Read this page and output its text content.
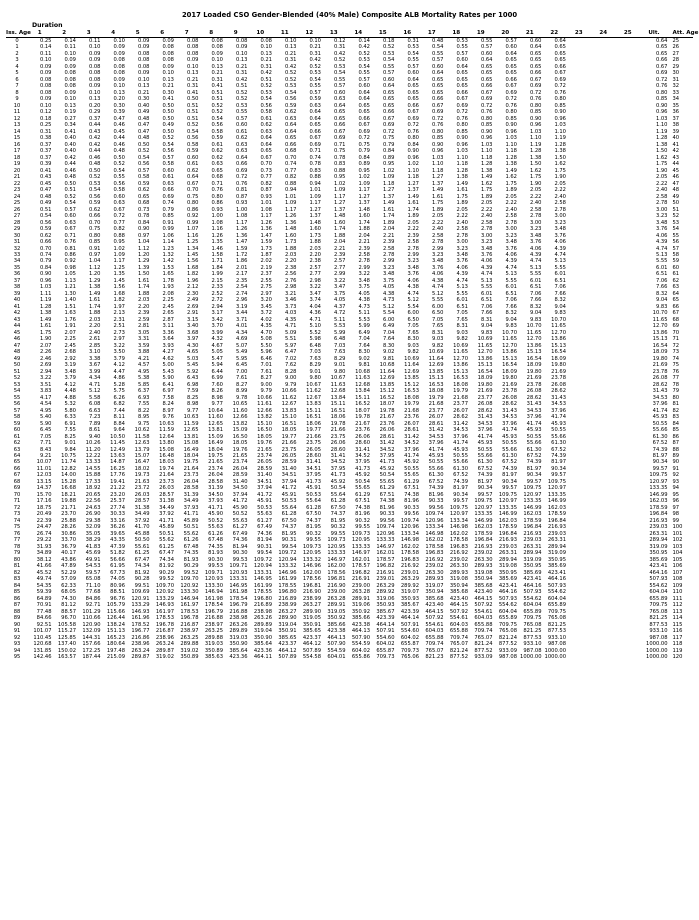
2017 Loaded CSO Gender-Blended (40% Male) Composite ALB Mortality Rates per 1000
Duration
Iss. Age	1	2	3	4	5	6	7	8	9	10	11	12	13	14	15	16	17	18	19	20	21	22	23	24	25	Ult.	Att. Age
0	0.25	0.14	0.11	0.10	0.09	0.09	0.08	0.08	0.08	0.08	0.10	0.10	0.12	0.14	0.18	0.31	0.48	0.53	0.55	0.57	0.60	0.64	0.64 25
1	0.14	0.11	0.10	0.09	0.09	0.08	0.08	0.08	0.09	0.10	0.13	0.21	0.31	0.42	0.52	0.53	0.54	0.55	0.57	0.60	0.64	0.65	0.65 26
2	0.11	0.10	0.09	0.09	0.08	0.08	0.08	0.09	0.10	0.13	0.21	0.31	0.42	0.52	0.53	0.54	0.55	0.57	0.60	0.64	0.65	0.65	0.65 27
3	0.10	0.09	0.09	0.08	0.08	0.08	0.09	0.10	0.13	0.21	0.31	0.42	0.52	0.53	0.54	0.55	0.57	0.60	0.64	0.65	0.65	0.65	0.66 28
4	0.09	0.09	0.08	0.08	0.08	0.09	0.10	0.13	0.21	0.31	0.42	0.52	0.53	0.54	0.55	0.57	0.60	0.64	0.65	0.65	0.65	0.66	0.67 29
5	0.09	0.08	0.08	0.08	0.09	0.10	0.13	0.21	0.31	0.42	0.52	0.53	0.54	0.55	0.57	0.60	0.64	0.65	0.65	0.65	0.66	0.67	0.69 30
6	0.08	0.08	0.08	0.09	0.10	0.13	0.21	0.31	0.42	0.51	0.52	0.54	0.55	0.57	0.60	0.64	0.65	0.65	0.65	0.66	0.67	0.69	0.72 31
7	0.08	0.08	0.09	0.10	0.13	0.21	0.31	0.41	0.51	0.52	0.53	0.55	0.57	0.60	0.64	0.65	0.65	0.65	0.66	0.67	0.69	0.72	0.76 32
8	0.08	0.09	0.10	0.13	0.21	0.30	0.41	0.51	0.52	0.53	0.54	0.57	0.60	0.64	0.65	0.65	0.65	0.66	0.67	0.69	0.72	0.76	0.80 33
9	0.09	0.10	0.13	0.20	0.30	0.41	0.50	0.51	0.52	0.54	0.56	0.59	0.63	0.64	0.65	0.65	0.66	0.67	0.69	0.72	0.76	0.80	0.85 34
10	0.10	0.13	0.20	0.30	0.40	0.50	0.51	0.52	0.53	0.56	0.59	0.63	0.64	0.65	0.65	0.66	0.67	0.69	0.72	0.76	0.80	0.85	0.90 35
11	0.12	0.19	0.29	0.39	0.49	0.50	0.51	0.52	0.55	0.58	0.62	0.64	0.65	0.65	0.66	0.67	0.69	0.72	0.76	0.80	0.85	0.90	0.96 36
12	0.18	0.27	0.37	0.47	0.48	0.50	0.51	0.54	0.57	0.61	0.63	0.64	0.65	0.66	0.67	0.69	0.72	0.76	0.80	0.85	0.90	0.96	1.03 37
13	0.25	0.34	0.44	0.46	0.47	0.49	0.52	0.56	0.60	0.62	0.64	0.65	0.66	0.67	0.69	0.72	0.76	0.80	0.85	0.90	0.96	1.03	1.10 38
14	0.31	0.41	0.43	0.45	0.47	0.50	0.54	0.58	0.61	0.63	0.64	0.66	0.67	0.69	0.72	0.76	0.80	0.85	0.90	0.96	1.03	1.10	1.19 39
15	0.38	0.40	0.42	0.44	0.48	0.52	0.56	0.59	0.62	0.64	0.65	0.67	0.69	0.72	0.75	0.80	0.85	0.90	0.96	1.03	1.10	1.19	1.28 40
16	0.37	0.40	0.42	0.46	0.50	0.54	0.58	0.61	0.63	0.64	0.66	0.69	0.71	0.75	0.79	0.84	0.90	0.96	1.03	1.10	1.19	1.28	1.38 41
17	0.37	0.40	0.44	0.48	0.52	0.56	0.59	0.62	0.63	0.65	0.68	0.71	0.75	0.79	0.84	0.90	0.96	1.03	1.10	1.18	1.28	1.38	1.50 42
18	0.37	0.42	0.46	0.50	0.54	0.57	0.60	0.62	0.64	0.67	0.70	0.74	0.78	0.84	0.89	0.96	1.03	1.10	1.18	1.28	1.38	1.50	1.62 43
19	0.39	0.44	0.48	0.52	0.56	0.58	0.61	0.63	0.66	0.70	0.74	0.78	0.83	0.89	0.95	1.02	1.10	1.18	1.28	1.38	1.50	1.62	1.75 44
20	0.41	0.46	0.50	0.54	0.57	0.60	0.62	0.65	0.69	0.73	0.77	0.83	0.88	0.95	1.02	1.10	1.18	1.28	1.38	1.49	1.62	1.75	1.90 45
21	0.43	0.48	0.52	0.55	0.58	0.61	0.64	0.68	0.72	0.77	0.82	0.88	0.95	1.02	1.09	1.18	1.27	1.38	1.49	1.62	1.75	1.90	2.05 46
22	0.45	0.50	0.53	0.56	0.59	0.63	0.67	0.71	0.76	0.82	0.88	0.94	1.02	1.09	1.18	1.27	1.37	1.49	1.62	1.75	1.90	2.05	2.22 47
23	0.47	0.51	0.54	0.58	0.62	0.66	0.70	0.76	0.81	0.87	0.94	1.01	1.09	1.17	1.27	1.37	1.49	1.61	1.75	1.89	2.05	2.22	2.40 48
24	0.48	0.52	0.56	0.60	0.65	0.69	0.75	0.80	0.87	0.93	1.01	1.09	1.17	1.27	1.37	1.49	1.61	1.75	1.89	2.05	2.22	2.40	2.58 49
25	0.49	0.54	0.59	0.63	0.68	0.74	0.80	0.86	0.93	1.01	1.09	1.17	1.27	1.37	1.49	1.61	1.75	1.89	2.05	2.22	2.40	2.58	2.78 50
26	0.51	0.57	0.62	0.67	0.73	0.79	0.86	0.93	1.00	1.08	1.17	1.27	1.37	1.48	1.61	1.74	1.89	2.05	2.22	2.40	2.58	2.78	3.00 51
27	0.54	0.60	0.66	0.72	0.78	0.85	0.92	1.00	1.08	1.17	1.26	1.37	1.48	1.60	1.74	1.89	2.05	2.22	2.40	2.58	2.78	3.00	3.23 52
28	0.56	0.63	0.70	0.77	0.84	0.91	0.99	1.08	1.17	1.26	1.36	1.48	1.60	1.74	1.89	2.05	2.22	2.40	2.58	2.78	3.00	3.23	3.48 53
29	0.59	0.67	0.75	0.82	0.90	0.99	1.07	1.16	1.26	1.36	1.48	1.60	1.74	1.88	2.04	2.22	2.40	2.58	2.78	3.00	3.23	3.48	3.76 54
30	0.62	0.71	0.80	0.88	0.97	1.06	1.16	1.26	1.36	1.47	1.60	1.73	1.88	2.04	2.21	2.39	2.58	2.78	3.00	3.23	3.48	3.76	4.06 55
31	0.66	0.76	0.85	0.95	1.04	1.14	1.25	1.35	1.47	1.59	1.73	1.88	2.04	2.21	2.39	2.58	2.78	3.00	3.23	3.48	3.76	4.06	4.39 56
32	0.70	0.81	0.91	1.02	1.12	1.23	1.34	1.46	1.59	1.73	1.88	2.03	2.21	2.39	2.58	2.78	2.99	3.23	3.48	3.76	4.06	4.39	4.74 57
33	0.74	0.86	0.97	1.09	1.20	1.32	1.45	1.58	1.72	1.87	2.03	2.20	2.39	2.58	2.78	2.99	3.23	3.48	3.76	4.06	4.39	4.74	5.13 58
34	0.79	0.92	1.04	1.17	1.29	1.42	1.56	1.71	1.86	2.02	2.20	2.38	2.57	2.78	2.99	3.23	3.48	3.76	4.06	4.39	4.74	5.13	5.55 59
35	0.84	0.98	1.12	1.25	1.39	1.53	1.68	1.84	2.01	2.19	2.38	2.57	2.77	2.99	3.23	3.48	3.76	4.06	4.39	4.74	5.13	5.55	6.01 60
36	0.90	1.05	1.20	1.35	1.50	1.65	1.82	1.99	2.17	2.37	2.56	2.77	2.99	3.22	3.48	3.76	4.06	4.39	4.74	5.13	5.55	6.01	6.51 61
37	0.96	1.13	1.29	1.45	1.61	1.78	1.96	2.15	2.35	2.55	2.76	2.98	3.22	3.48	3.75	4.06	4.38	4.74	5.13	5.55	6.01	6.51	7.06 62
38	1.03	1.21	1.38	1.56	1.74	1.93	2.12	2.33	2.54	2.75	2.98	3.22	3.47	3.75	4.05	4.38	4.74	5.13	5.55	6.01	6.51	7.06	7.66 63
39	1.11	1.30	1.49	1.68	1.88	2.08	2.30	2.52	2.74	2.97	3.21	3.47	3.75	4.05	4.38	4.74	5.12	5.55	6.01	6.51	7.06	7.66	8.32 64
40	1.19	1.40	1.61	1.82	2.03	2.25	2.49	2.72	2.96	3.20	3.46	3.74	4.05	4.38	4.73	5.12	5.55	6.01	6.51	7.06	7.66	8.32	9.04 65
41	1.28	1.51	1.74	1.97	2.20	2.45	2.69	2.94	3.19	3.45	3.73	4.04	4.37	4.73	5.12	5.54	6.00	6.51	7.06	7.66	8.32	9.04	9.83 66
42	1.38	1.63	1.88	2.13	2.39	2.65	2.91	3.17	3.44	3.72	4.03	4.36	4.72	5.11	5.54	6.00	6.50	7.05	7.66	8.32	9.04	9.83	10.70 67
43	1.49	1.76	2.03	2.31	2.59	2.87	3.15	3.42	3.71	4.02	4.35	4.71	5.11	5.53	6.00	6.50	7.05	7.65	8.31	9.04	9.83	10.70	11.65 68
44	1.61	1.91	2.20	2.51	2.81	3.11	3.40	3.70	4.01	4.35	4.71	5.10	5.53	5.99	6.49	7.05	7.65	8.31	9.04	9.83	10.70	11.65	12.70 69
45	1.75	2.07	2.40	2.73	3.05	3.36	3.68	3.99	4.34	4.70	5.09	5.52	5.99	6.49	7.04	7.65	8.31	9.03	9.83	10.70	11.65	12.70	13.86 70
46	1.90	2.25	2.61	2.97	3.31	3.64	3.97	4.32	4.69	5.08	5.51	5.98	6.48	7.04	7.64	8.30	9.03	9.82	10.69	11.65	12.70	13.86	15.13 71
47	2.07	2.45	2.85	3.22	3.59	3.93	4.30	4.67	5.07	5.50	5.97	6.48	7.03	7.64	8.30	9.03	9.82	10.69	11.65	12.70	13.86	15.13	16.54 72
48	2.26	2.68	3.10	3.50	3.88	4.27	4.65	5.05	5.49	5.96	6.47	7.03	7.63	8.30	9.02	9.82	10.69	11.65	12.70	13.86	15.13	16.54	18.09 73
49	2.46	2.92	3.38	3.79	4.21	4.62	5.03	5.47	5.95	6.46	7.02	7.63	8.29	9.02	9.81	10.69	11.64	12.70	13.86	15.13	16.54	18.09	19.80 74
50	2.69	3.19	3.67	4.12	4.57	5.00	5.45	5.94	6.45	7.01	7.62	8.29	9.01	9.81	10.68	11.64	12.69	13.86	15.13	16.54	18.09	19.80	21.69 75
51	2.94	3.48	3.99	4.47	4.95	5.43	5.92	6.44	7.00	7.61	8.28	9.01	9.80	10.68	11.64	12.69	13.85	15.13	16.54	18.09	19.80	21.69	23.78 76
52	3.22	3.79	4.34	4.86	5.38	5.90	6.43	6.99	7.61	8.27	9.00	9.80	10.67	11.63	12.69	13.85	15.13	16.53	18.09	19.80	21.69	23.78	26.08 77
53	3.51	4.12	4.71	5.28	5.85	6.41	6.98	7.60	8.27	9.00	9.79	10.67	11.63	12.68	13.85	15.12	16.53	18.08	19.80	21.69	23.78	26.08	28.62 78
54	3.83	4.48	5.12	5.75	6.37	6.97	7.59	8.26	8.99	9.79	10.66	11.62	12.68	13.84	15.12	16.53	18.08	19.79	21.69	23.78	26.08	28.62	31.43 79
55	4.17	4.88	5.58	6.26	6.93	7.58	8.25	8.98	9.78	10.66	11.62	12.67	13.84	15.11	16.52	18.08	19.79	21.68	23.77	26.08	28.62	31.43	34.53 80
56	4.54	5.32	6.08	6.82	7.55	8.24	8.98	9.77	10.65	11.61	12.67	13.83	15.11	16.52	18.07	19.79	21.68	23.77	26.08	28.62	31.43	34.53	37.96 81
57	4.95	5.80	6.63	7.44	8.22	8.97	9.77	10.64	11.60	12.66	13.83	15.11	16.51	18.07	19.78	21.68	23.77	26.07	28.62	31.43	34.53	37.96	41.74 82
58	5.40	6.33	7.23	8.11	8.95	9.76	10.63	11.60	12.66	13.82	15.10	16.51	18.06	19.78	21.67	23.76	26.07	28.62	31.43	34.53	37.96	41.74	45.93 83
59	5.90	6.91	7.89	8.84	9.75	10.63	11.59	12.65	13.82	15.10	16.51	18.06	19.78	21.67	23.76	26.07	28.61	31.42	34.53	37.96	41.74	45.93	50.55 84
60	6.45	7.55	8.61	9.64	10.62	11.59	12.65	13.81	15.09	16.50	18.05	19.77	21.66	23.76	26.06	28.61	31.42	34.53	37.96	41.74	45.93	50.55	55.66 85
61	7.05	8.25	9.40	10.50	11.58	12.64	13.81	15.09	16.50	18.05	19.77	21.66	23.75	26.06	28.61	31.42	34.53	37.96	41.74	45.93	50.55	55.66	61.30 86
62	7.71	9.01	10.26	11.45	12.63	13.80	15.08	16.49	18.05	19.76	21.66	23.75	26.06	28.60	31.42	34.52	37.96	41.74	45.93	50.55	55.66	61.30	67.52 87
63	8.43	9.84	11.20	12.49	13.79	15.08	16.49	18.04	19.76	21.65	23.75	26.05	28.60	31.41	34.52	37.96	41.74	45.93	50.55	55.66	61.30	67.52	74.39 88
64	9.21	10.75	12.22	13.63	15.07	16.48	18.04	19.75	21.65	23.74	26.05	28.60	31.41	34.52	37.95	41.74	45.93	50.55	55.66	61.30	67.52	74.39	81.97 89
65	10.07	11.74	13.33	14.87	16.47	18.03	19.75	21.65	23.74	26.05	28.59	31.41	34.52	37.95	41.73	45.92	50.55	55.66	61.30	67.52	74.39	81.97	90.34 90
66	11.01	12.82	14.55	16.25	18.02	19.74	21.64	23.74	26.04	28.59	31.40	34.51	37.95	41.73	45.92	50.55	55.66	61.30	67.52	74.39	81.97	90.34	99.57 91
67	12.03	14.00	15.88	17.76	19.73	21.64	23.73	26.04	28.59	31.40	34.51	37.95	41.73	45.92	50.54	55.65	61.30	67.52	74.39	81.97	90.34	99.57	109.75 92
68	13.15	15.28	17.33	19.41	21.63	23.73	26.04	28.58	31.40	34.51	37.94	41.73	45.92	50.54	55.65	61.29	67.52	74.39	81.97	90.34	99.57	109.75	120.97 93
69	14.37	16.68	18.92	21.22	23.72	26.03	28.58	31.39	34.50	37.94	41.72	45.91	50.54	55.65	61.29	67.51	74.39	81.97	90.34	99.57	109.75	120.97	133.35 94
70	15.70	18.21	20.65	23.20	26.03	28.57	31.39	34.50	37.94	41.72	45.91	50.53	55.64	61.29	67.51	74.38	81.96	90.34	99.57	109.75	120.97	133.35	146.99 95
71	17.16	19.88	22.56	25.37	28.57	31.38	34.49	37.93	41.72	45.91	50.53	55.64	61.28	67.51	74.38	81.96	90.33	99.57	109.75	120.97	133.35	146.99	162.03 96
72	18.75	21.71	24.63	27.74	31.38	34.49	37.93	41.71	45.90	50.53	55.64	61.28	67.50	74.38	81.96	90.33	99.56	109.75	120.97	133.35	146.99	162.03	178.59 97
73	20.49	23.70	26.90	30.33	34.49	37.92	41.71	45.90	50.52	55.63	61.28	67.50	74.37	81.96	90.33	99.56	109.74	120.97	133.35	146.99	162.03	178.59	196.84 98
74	22.39	25.88	29.38	33.16	37.92	41.71	45.89	50.52	55.63	61.27	67.50	74.37	81.95	90.32	99.56	109.74	120.96	133.34	146.99	162.03	178.59	196.84	216.93 99
75	24.47	28.26	32.09	36.26	41.70	45.89	50.51	55.63	61.27	67.49	74.37	81.95	90.32	99.55	109.74	120.96	133.34	146.98	162.03	178.59	196.84	216.93	239.03 100
76	26.74	30.86	35.05	39.65	45.88	50.51	55.62	61.26	67.49	74.36	81.95	90.32	99.55	109.73	120.96	133.34	146.98	162.02	178.59	196.84	216.93	239.03	263.31 101
77	29.22	33.70	38.29	43.35	50.50	55.62	61.26	67.48	74.36	81.94	90.31	99.55	109.73	120.95	133.33	146.98	162.02	178.58	196.84	216.93	239.03	263.31	289.94 102
78	31.93	36.79	41.83	47.39	55.61	61.25	67.48	74.35	81.94	90.31	99.54	109.73	120.95	133.33	146.97	162.02	178.58	196.83	216.93	239.03	263.31	289.94	319.09 103
79	34.89	40.17	45.69	51.82	61.25	67.47	74.35	81.93	90.30	99.54	109.72	120.95	133.33	146.97	162.01	178.58	196.83	216.92	239.02	263.31	289.94	319.09	350.95 104
80	38.12	43.86	49.91	56.66	67.47	74.34	81.93	90.30	99.53	109.72	120.94	133.32	146.97	162.01	178.57	196.83	216.92	239.02	263.30	289.94	319.09	350.95	385.69 105
81	41.66	47.89	54.53	61.95	74.34	81.92	90.29	99.53	109.71	120.94	133.32	146.96	162.00	178.57	196.82	216.92	239.02	263.30	289.93	319.08	350.95	385.69	423.41 106
82	45.52	52.29	59.57	67.73	81.92	90.29	99.52	109.71	120.93	133.31	146.96	162.00	178.56	196.82	216.91	239.01	263.30	289.93	319.08	350.95	385.69	423.41	464.16 107
83	49.74	57.09	65.08	74.05	90.28	99.52	109.70	120.93	133.31	146.95	161.99	178.56	196.81	216.91	239.01	263.29	289.93	319.08	350.94	385.69	423.41	464.16	507.93 108
84	54.35	62.33	71.10	80.96	99.51	109.70	120.92	133.30	146.95	161.99	178.55	196.81	216.90	239.00	263.29	289.92	319.07	350.94	385.68	423.41	464.16	507.93	554.62 109
85	59.39	68.05	77.68	88.51	109.69	120.92	133.30	146.94	161.98	178.55	196.80	216.90	239.00	263.28	289.92	319.07	350.94	385.68	423.40	464.16	507.93	554.62	604.04 110
86	64.89	74.30	84.86	96.76	120.91	133.29	146.94	161.98	178.54	196.80	216.89	238.99	263.28	289.91	319.06	350.93	385.68	423.40	464.15	507.93	554.62	604.04	655.89 111
87	70.91	81.12	92.71	105.79	133.29	146.93	161.97	178.54	196.79	216.89	238.99	263.27	289.91	319.06	350.93	385.67	423.40	464.15	507.92	554.62	604.04	655.89	709.75 112
88	77.48	88.57	101.29	115.66	146.93	161.97	178.53	196.79	216.88	238.98	263.27	289.90	319.05	350.92	385.67	423.39	464.15	507.92	554.61	604.04	655.89	709.75	765.08 113
89	84.66	96.70	110.66	126.44	161.96	178.53	196.78	216.88	238.98	263.26	289.90	319.05	350.92	385.66	423.39	464.14	507.92	554.61	604.03	655.89	709.75	765.08	821.25 114
90	92.51	105.58	120.90	138.24	178.52	196.78	216.87	238.97	263.26	289.89	319.04	350.91	385.66	423.38	464.14	507.91	554.61	604.03	655.88	709.75	765.08	821.25	877.53 115
91	101.07	115.27	132.09	151.13	196.77	216.87	238.97	263.25	289.89	319.04	350.91	385.65	423.38	464.13	507.91	554.60	604.03	655.88	709.74	765.08	821.25	877.53	933.10 116
92	110.45	125.85	144.31	165.23	216.86	238.96	263.25	289.88	319.03	350.90	385.65	423.37	464.13	507.90	554.60	604.02	655.88	709.74	765.07	821.24	877.53	933.10	987.08 117
93	120.68	137.40	157.66	180.64	238.96	263.24	289.88	319.03	350.90	385.64	423.37	464.12	507.90	554.59	604.02	655.87	709.74	765.07	821.24	877.52	933.10	987.08	1000.00 118
94	131.85	150.02	172.25	197.48	263.24	289.87	319.02	350.89	385.64	423.36	464.12	507.89	554.59	604.02	655.87	709.73	765.07	821.24	877.52	933.09	987.08 1000.00	1000.00 119
95	142.46	163.57	187.44	215.09	289.87	319.02	350.89	385.63	423.36	464.11	507.89	554.58	604.01	655.86	709.73	765.06	821.23	877.52	933.09	987.08 1000.00 1000.00	1000.00 120
